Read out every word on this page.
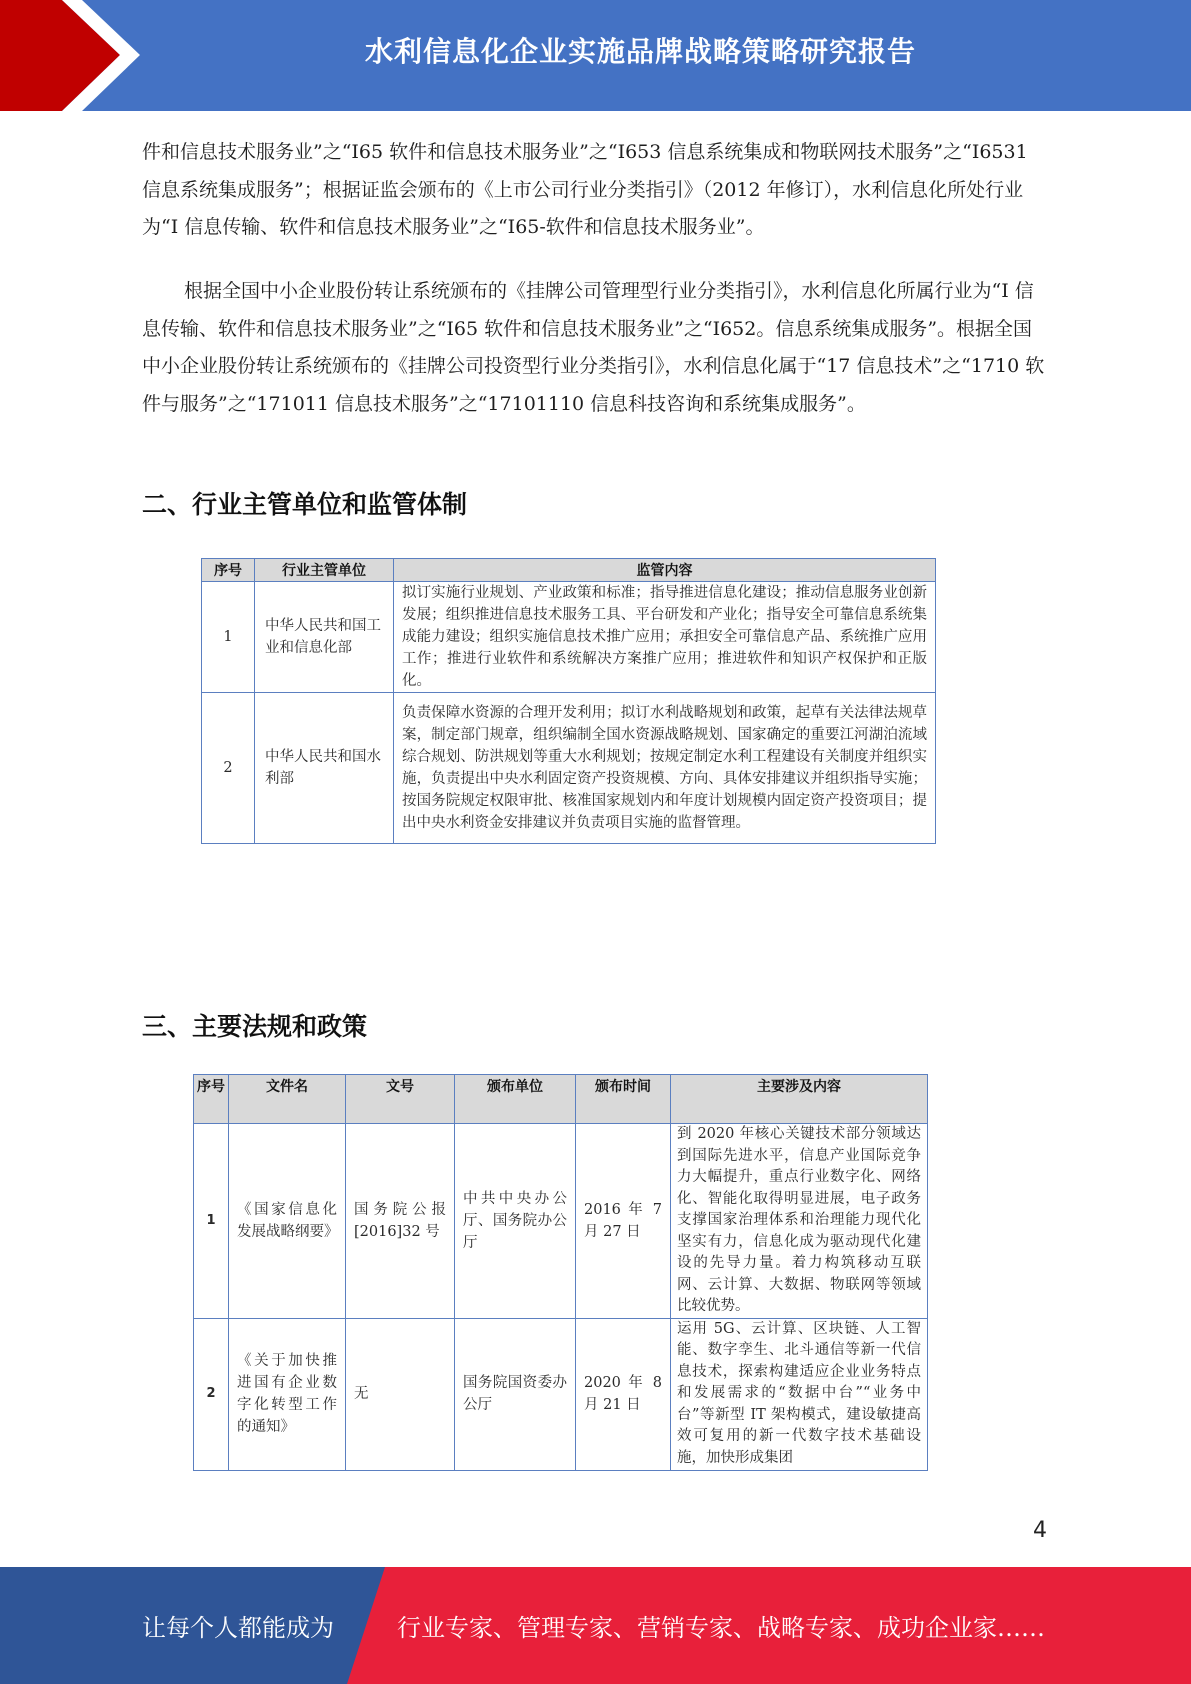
水利信息化企业实施品牌战略策略研究报告

件和信息技术服务业”之“I65 软件和信息技术服务业”之“I653 信息系统集成和物联网技术服务”之“I6531 信息系统集成服务”；根据证监会颁布的《上市公司行业分类指引》（2012 年修订），水利信息化所处行业为“I 信息传输、软件和信息技术服务业”之“I65-软件和信息技术服务业”。

根据全国中小企业股份转让系统颁布的《挂牌公司管理型行业分类指引》，水利信息化所属行业为“I 信息传输、软件和信息技术服务业”之“I65 软件和信息技术服务业”之“I652。信息系统集成服务”。根据全国中小企业股份转让系统颁布的《挂牌公司投资型行业分类指引》，水利信息化属于“17 信息技术”之“1710 软件与服务”之“171011 信息技术服务”之“17101110 信息科技咨询和系统集成服务”。

二、行业主管单位和监管体制
序号	行业主管单位	监管内容
1	中华人民共和国工业和信息化部	拟订实施行业规划、产业政策和标准；指导推进信息化建设；推动信息服务业创新发展；组织推进信息技术服务工具、平台研发和产业化；指导安全可靠信息系统集成能力建设；组织实施信息技术推广应用；承担安全可靠信息产品、系统推广应用工作；推进行业软件和系统解决方案推广应用；推进软件和知识产权保护和正版化。
2	中华人民共和国水利部	负责保障水资源的合理开发利用；拟订水利战略规划和政策，起草有关法律法规草案，制定部门规章，组织编制全国水资源战略规划、国家确定的重要江河湖泊流域综合规划、防洪规划等重大水利规划；按规定制定水利工程建设有关制度并组织实施，负责提出中央水利固定资产投资规模、方向、具体安排建议并组织指导实施；按国务院规定权限审批、核准国家规划内和年度计划规模内固定资产投资项目；提出中央水利资金安排建议并负责项目实施的监督管理。
三、主要法规和政策
序号	文件名	文号	颁布单位	颁布时间	主要涉及内容
1	《国家信息化发展战略纲要》	国务院公报[2016]32 号	中共中央办公厅、国务院办公厅	2016 年 7 月 27 日	到 2020 年核心关键技术部分领域达到国际先进水平，信息产业国际竞争力大幅提升，重点行业数字化、网络化、智能化取得明显进展，电子政务支撑国家治理体系和治理能力现代化坚实有力，信息化成为驱动现代化建设的先导力量。着力构筑移动互联网、云计算、大数据、物联网等领域比较优势。
2	《关于加快推进国有企业数字化转型工作的通知》	无	国务院国资委办公厅	2020 年 8 月 21 日	运用 5G、云计算、区块链、人工智能、数字孪生、北斗通信等新一代信息技术，探索构建适应企业业务特点和发展需求的“数据中台”“业务中台”等新型 IT 架构模式，建设敏捷高效可复用的新一代数字技术基础设施，加快形成集团
4
让每个人都能成为	行业专家、管理专家、营销专家、战略专家、成功企业家……
